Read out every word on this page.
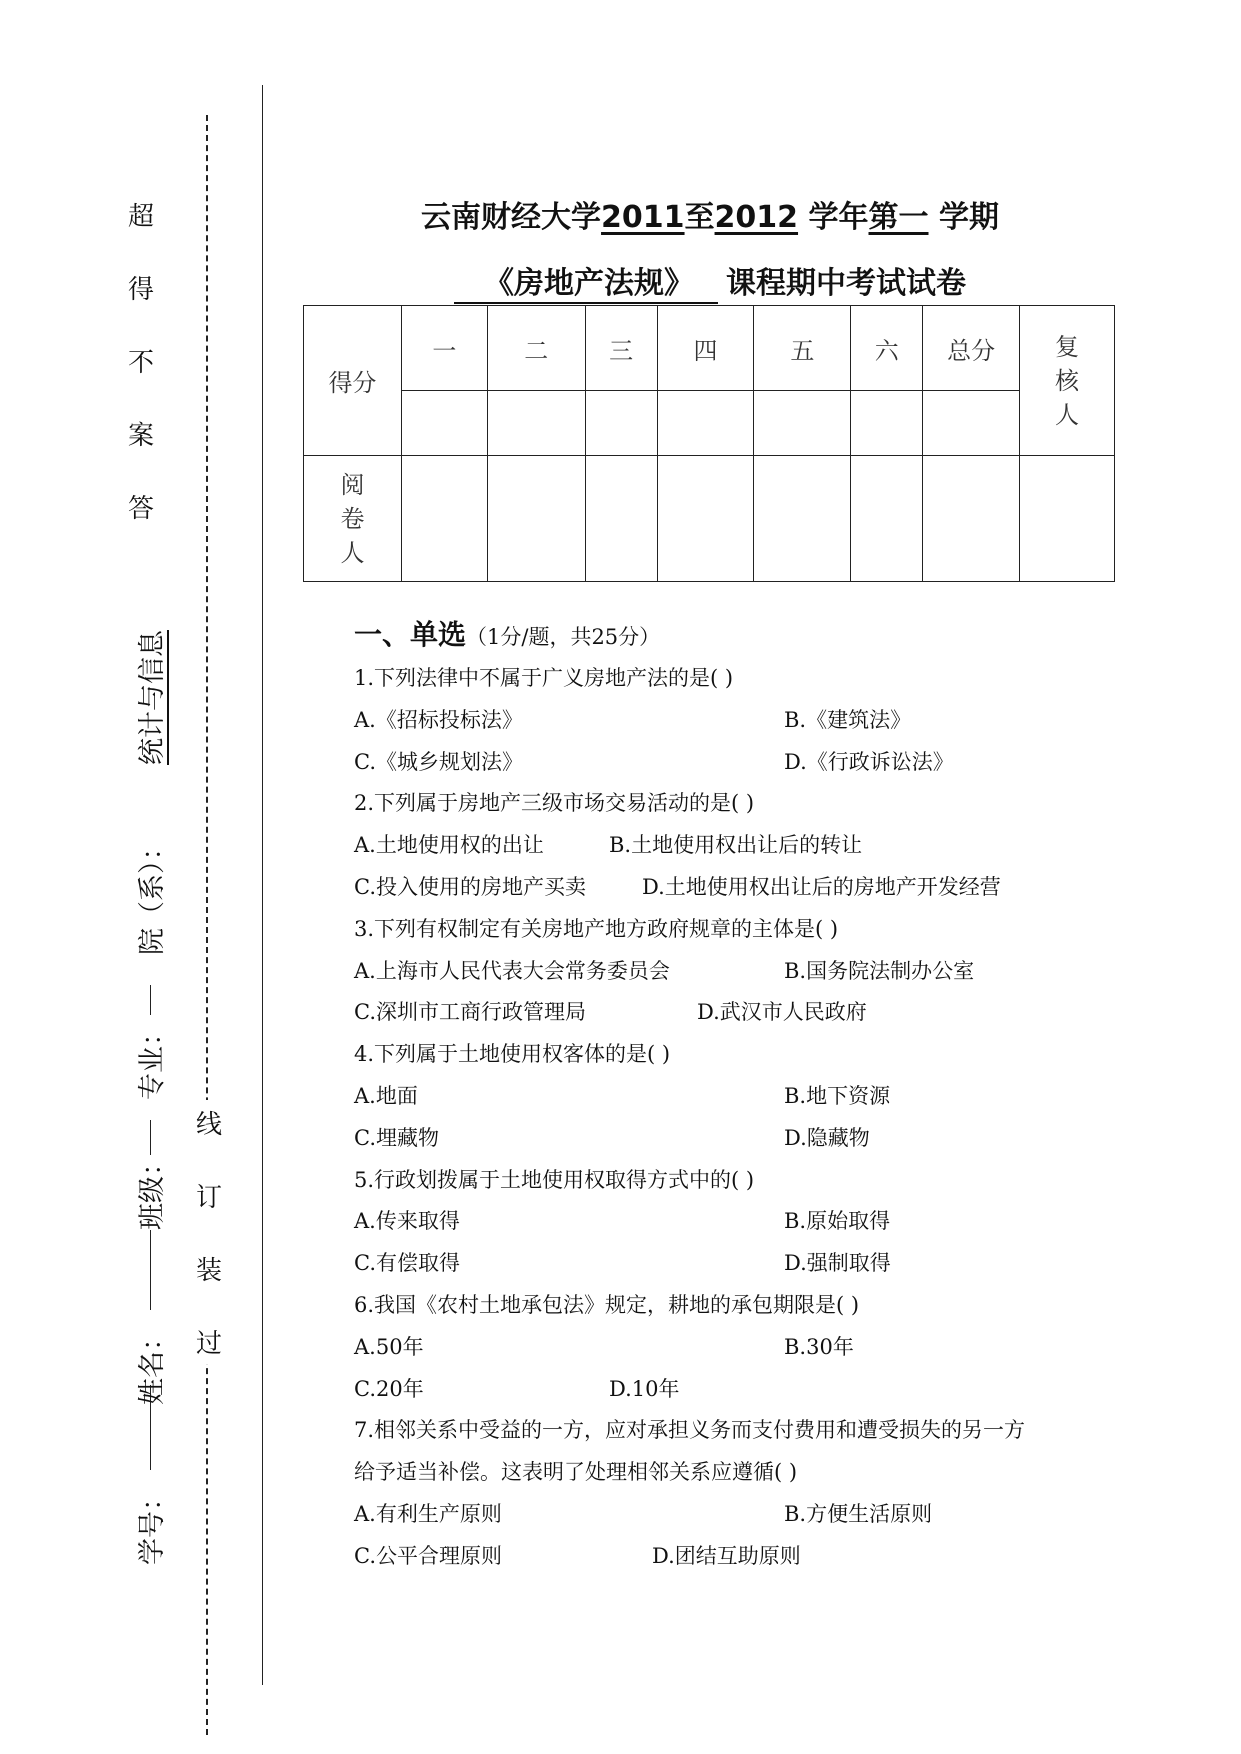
超
得
不
案
答
线
订
装
过
学号：
姓名：
班级：
专业：
院（系）：
统计与信息
云南财经大学2011至2012 学年第一 学期
《房地产法规》 课程期中考试试卷
得分	一	二	三	四	五	六	总分	复
核
人

阅
卷
人								

一、单选（1分/题，共25分）
1.下列法律中不属于广义房地产法的是( )
A.《招标投标法》	B.《建筑法》
C.《城乡规划法》	D.《行政诉讼法》
2.下列属于房地产三级市场交易活动的是( )
A.土地使用权的出让	B.土地使用权出让后的转让
C.投入使用的房地产买卖	D.土地使用权出让后的房地产开发经营
3.下列有权制定有关房地产地方政府规章的主体是( )
A.上海市人民代表大会常务委员会	B.国务院法制办公室
C.深圳市工商行政管理局	D.武汉市人民政府
4.下列属于土地使用权客体的是( )
A.地面	B.地下资源
C.埋藏物	D.隐藏物
5.行政划拨属于土地使用权取得方式中的( )
A.传来取得	B.原始取得
C.有偿取得	D.强制取得
6.我国《农村土地承包法》规定，耕地的承包期限是( )
A.50年	B.30年
C.20年	D.10年
7.相邻关系中受益的一方，应对承担义务而支付费用和遭受损失的另一方
给予适当补偿。这表明了处理相邻关系应遵循( )
A.有利生产原则	B.方便生活原则
C.公平合理原则	D.团结互助原则
